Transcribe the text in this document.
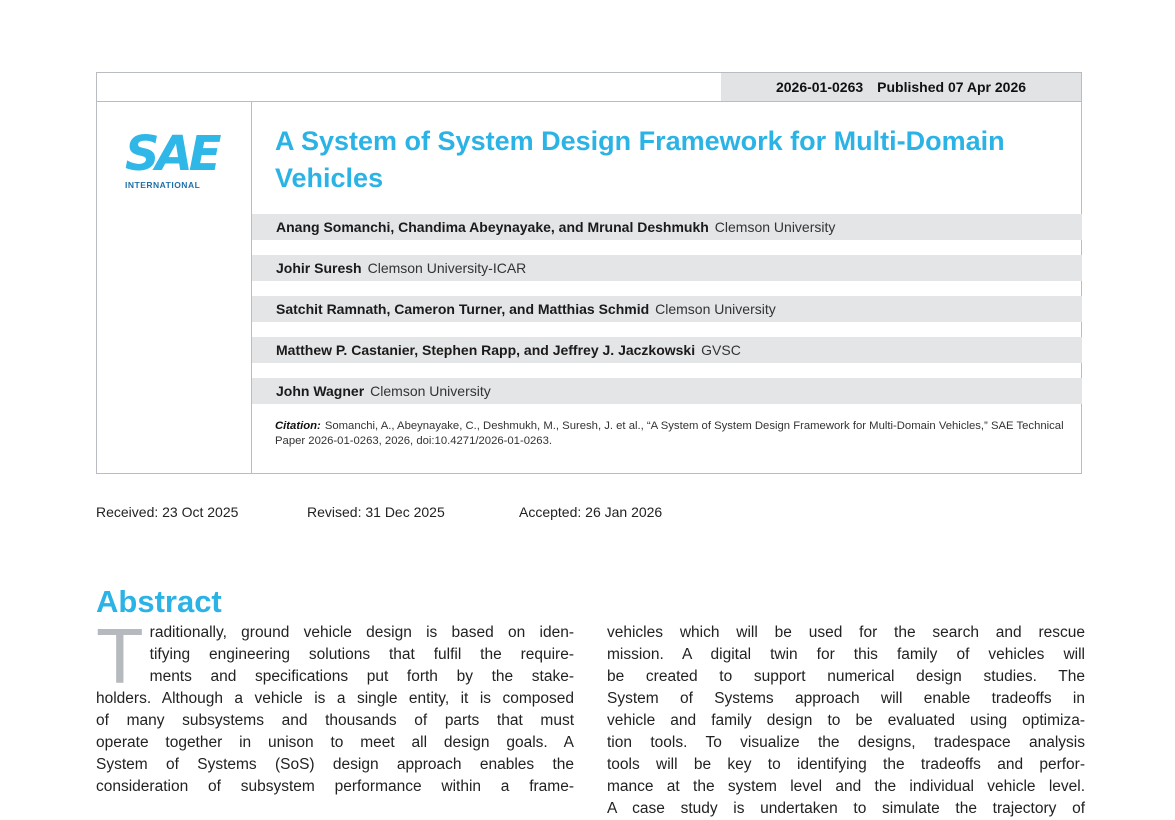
2026-01-0263 Published 07 Apr 2026
SAE
INTERNATIONAL
A System of System Design Framework for Multi-Domain Vehicles
Anang Somanchi, Chandima Abeynayake, and Mrunal Deshmukh Clemson University
Johir Suresh Clemson University-ICAR
Satchit Ramnath, Cameron Turner, and Matthias Schmid Clemson University
Matthew P. Castanier, Stephen Rapp, and Jeffrey J. Jaczkowski GVSC
John Wagner Clemson University
Citation: Somanchi, A., Abeynayake, C., Deshmukh, M., Suresh, J. et al., “A System of System Design Framework for Multi-Domain Vehicles,” SAE Technical Paper 2026-01-0263, 2026, doi:10.4271/2026-01-0263.
Received: 23 Oct 2025	Revised: 31 Dec 2025	Accepted: 26 Jan 2026
Abstract
T raditionally, ground vehicle design is based on iden-
tifying engineering solutions that fulfil the require-
ments and specifications put forth by the stake-
holders. Although a vehicle is a single entity, it is composed
of many subsystems and thousands of parts that must
operate together in unison to meet all design goals. A
System of Systems (SoS) design approach enables the
consideration of subsystem performance within a frame-
vehicles which will be used for the search and rescue
mission. A digital twin for this family of vehicles will
be created to support numerical design studies. The
System of Systems approach will enable tradeoffs in
vehicle and family design to be evaluated using optimiza-
tion tools. To visualize the designs, tradespace analysis
tools will be key to identifying the tradeoffs and perfor-
mance at the system level and the individual vehicle level.
A case study is undertaken to simulate the trajectory of
